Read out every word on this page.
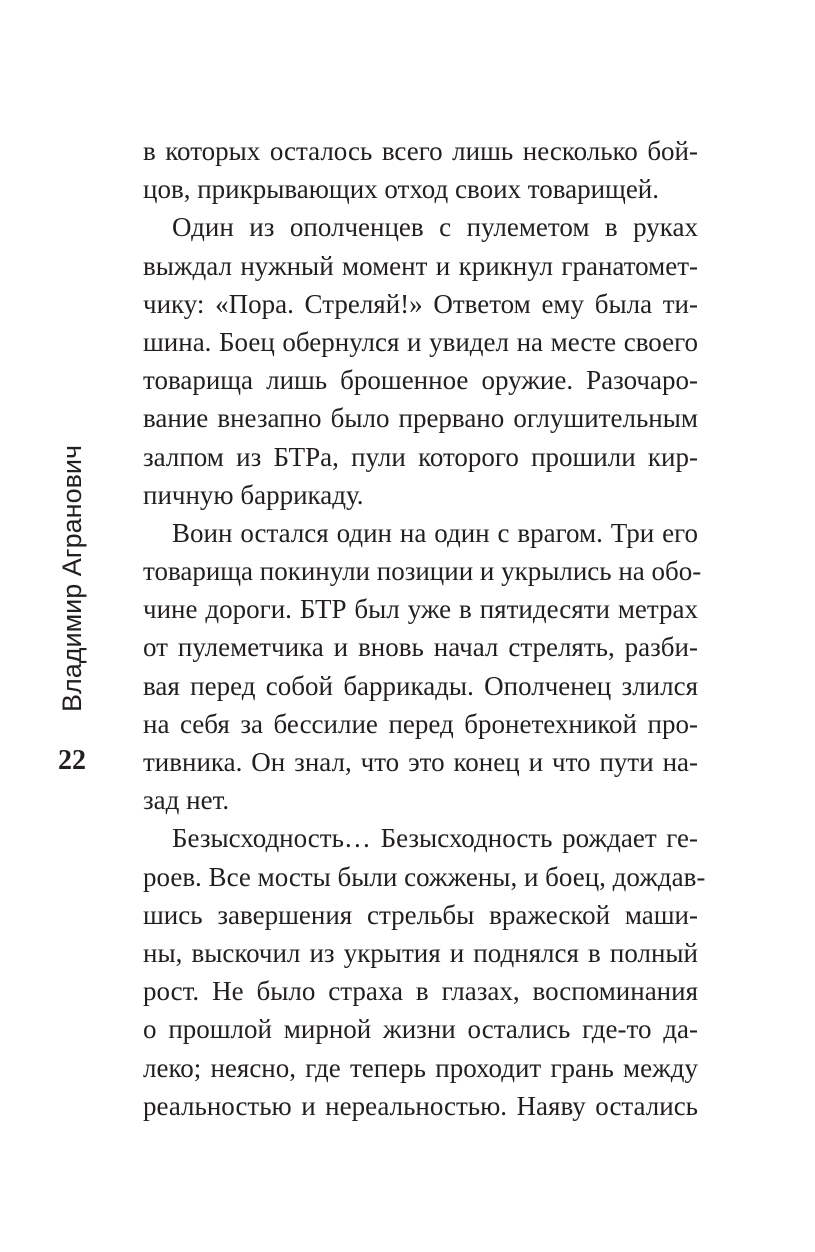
Владимир Агранович
22
в которых осталось всего лишь несколько бой-
цов, прикрывающих отход своих товарищей.
Один из ополченцев с пулеметом в руках
выждал нужный момент и крикнул гранатомет-
чику: «Пора. Стреляй!» Ответом ему была ти-
шина. Боец обернулся и увидел на месте своего
товарища лишь брошенное оружие. Разочаро-
вание внезапно было прервано оглушительным
залпом из БТРа, пули которого прошили кир-
пичную баррикаду.
Воин остался один на один с врагом. Три его
товарища покинули позиции и укрылись на обо-
чине дороги. БТР был уже в пятидесяти метрах
от пулеметчика и вновь начал стрелять, разби-
вая перед собой баррикады. Ополченец злился
на себя за бессилие перед бронетехникой про-
тивника. Он знал, что это конец и что пути на-
зад нет.
Безысходность… Безысходность рождает ге-
роев. Все мосты были сожжены, и боец, дождав-
шись завершения стрельбы вражеской маши-
ны, выскочил из укрытия и поднялся в полный
рост. Не было страха в глазах, воспоминания
о прошлой мирной жизни остались где-то да-
леко; неясно, где теперь проходит грань между
реальностью и нереальностью. Наяву остались
